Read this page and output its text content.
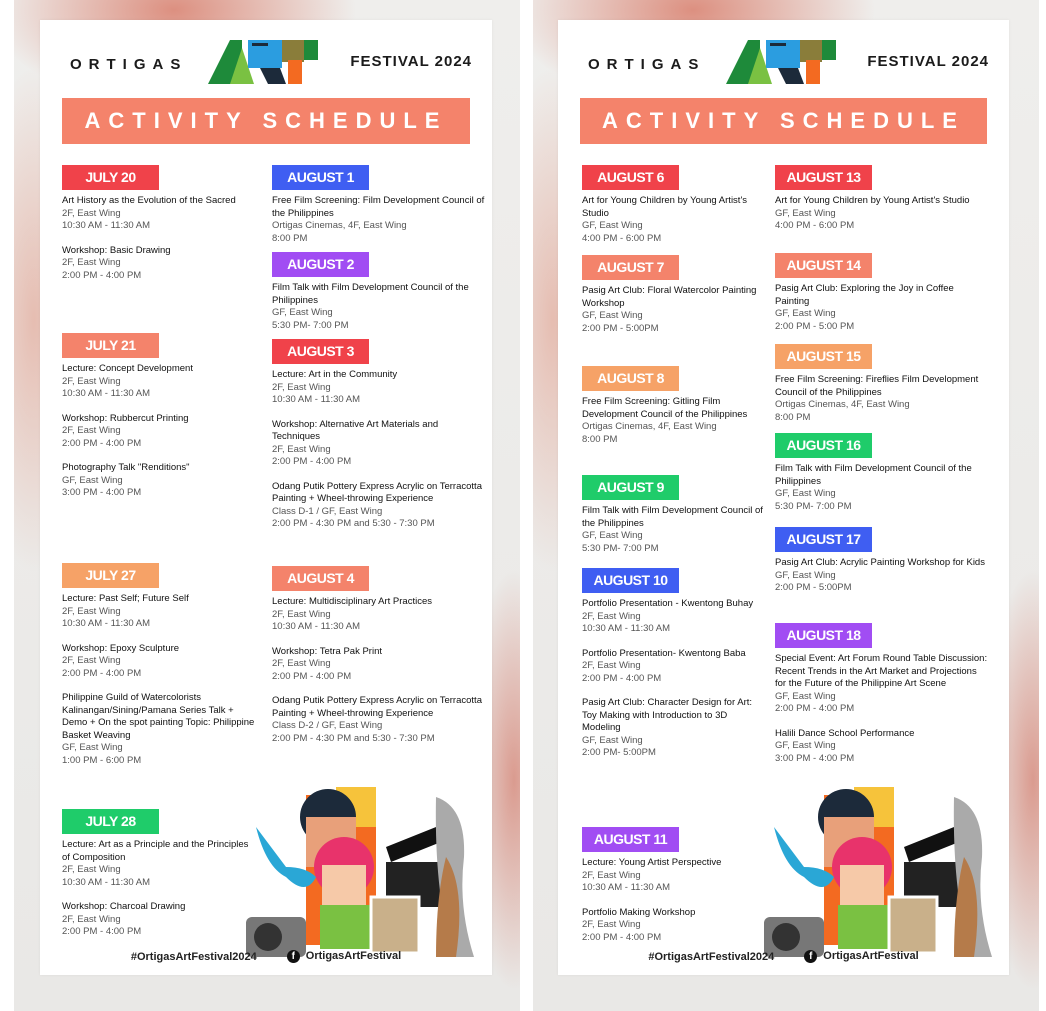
ORTIGAS	FESTIVAL 2024
ACTIVITY SCHEDULE
JULY 20
Art History as the Evolution of the Sacred
2F, East Wing
10:30 AM - 11:30 AM
Workshop: Basic Drawing
2F, East Wing
2:00 PM - 4:00 PM
JULY 21
Lecture: Concept Development
2F, East Wing
10:30 AM - 11:30 AM
Workshop: Rubbercut Printing
2F, East Wing
2:00 PM - 4:00 PM
Photography Talk "Renditions"
GF, East Wing
3:00 PM - 4:00 PM
JULY 27
Lecture: Past Self; Future Self
2F, East Wing
10:30 AM - 11:30 AM
Workshop: Epoxy Sculpture
2F, East Wing
2:00 PM - 4:00 PM
Philippine Guild of Watercolorists Kalinangan/Sining/Pamana Series Talk + Demo + On the spot painting Topic: Philippine Basket Weaving
GF, East Wing
1:00 PM - 6:00 PM
JULY 28
Lecture: Art as a Principle and the Principles of Composition
2F, East Wing
10:30 AM - 11:30 AM
Workshop: Charcoal Drawing
2F, East Wing
2:00 PM - 4:00 PM
AUGUST 1
Free Film Screening: Film Development Council of the Philippines
Ortigas Cinemas, 4F, East Wing
8:00 PM
AUGUST 2
Film Talk with Film Development Council of the Philippines
GF, East Wing
5:30 PM- 7:00 PM
AUGUST 3
Lecture: Art in the Community
2F, East Wing
10:30 AM - 11:30 AM
Workshop: Alternative Art Materials and Techniques
2F, East Wing
2:00 PM - 4:00 PM
Odang Putik Pottery Express Acrylic on Terracotta Painting + Wheel-throwing Experience
Class D-1 / GF, East Wing
2:00 PM - 4:30 PM and 5:30 - 7:30 PM
AUGUST 4
Lecture: Multidisciplinary Art Practices
2F, East Wing
10:30 AM - 11:30 AM
Workshop: Tetra Pak Print
2F, East Wing
2:00 PM - 4:00 PM
Odang Putik Pottery Express Acrylic on Terracotta Painting + Wheel-throwing Experience
Class D-2 / GF, East Wing
2:00 PM - 4:30 PM and 5:30 - 7:30 PM
#OrtigasArtFestival2024	f OrtigasArtFestival
ORTIGAS	FESTIVAL 2024
ACTIVITY SCHEDULE
AUGUST 6
Art for Young Children by Young Artist's Studio
GF, East Wing
4:00 PM - 6:00 PM
AUGUST 7
Pasig Art Club: Floral Watercolor Painting Workshop
GF, East Wing
2:00 PM - 5:00PM
AUGUST 8
Free Film Screening: Gitling Film Development Council of the Philippines
Ortigas Cinemas, 4F, East Wing
8:00 PM
AUGUST 9
Film Talk with Film Development Council of the Philippines
GF, East Wing
5:30 PM- 7:00 PM
AUGUST 10
Portfolio Presentation - Kwentong Buhay
2F, East Wing
10:30 AM - 11:30 AM
Portfolio Presentation- Kwentong Baba
2F, East Wing
2:00 PM - 4:00 PM
Pasig Art Club: Character Design for Art: Toy Making with Introduction to 3D Modeling
GF, East Wing
2:00 PM- 5:00PM
AUGUST 11
Lecture: Young Artist Perspective
2F, East Wing
10:30 AM - 11:30 AM
Portfolio Making Workshop
2F, East Wing
2:00 PM - 4:00 PM
AUGUST 13
Art for Young Children by Young Artist's Studio
GF, East Wing
4:00 PM - 6:00 PM
AUGUST 14
Pasig Art Club: Exploring the Joy in Coffee Painting
GF, East Wing
2:00 PM - 5:00 PM
AUGUST 15
Free Film Screening: Fireflies Film Development Council of the Philippines
Ortigas Cinemas, 4F, East Wing
8:00 PM
AUGUST 16
Film Talk with Film Development Council of the Philippines
GF, East Wing
5:30 PM- 7:00 PM
AUGUST 17
Pasig Art Club: Acrylic Painting Workshop for Kids
GF, East Wing
2:00 PM - 5:00PM
AUGUST 18
Special Event: Art Forum Round Table Discussion: Recent Trends in the Art Market and Projections for the Future of the Philippine Art Scene
GF, East Wing
2:00 PM - 4:00 PM
Halili Dance School Performance
GF, East Wing
3:00 PM - 4:00 PM
#OrtigasArtFestival2024	f OrtigasArtFestival
